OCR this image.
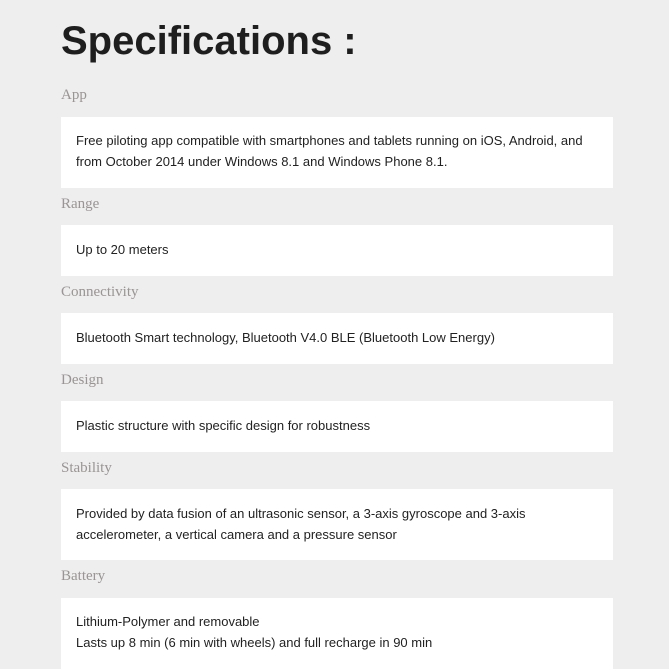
Specifications :
App
Free piloting app compatible with smartphones and tablets running on iOS, Android, and
from October 2014 under Windows 8.1 and Windows Phone 8.1.
Range
Up to 20 meters
Connectivity
Bluetooth Smart technology, Bluetooth V4.0 BLE (Bluetooth Low Energy)
Design
Plastic structure with specific design for robustness
Stability
Provided by data fusion of an ultrasonic sensor, a 3-axis gyroscope and 3-axis
accelerometer, a vertical camera and a pressure sensor
Battery
Lithium-Polymer and removable
Lasts up 8 min (6 min with wheels) and full recharge in 90 min
